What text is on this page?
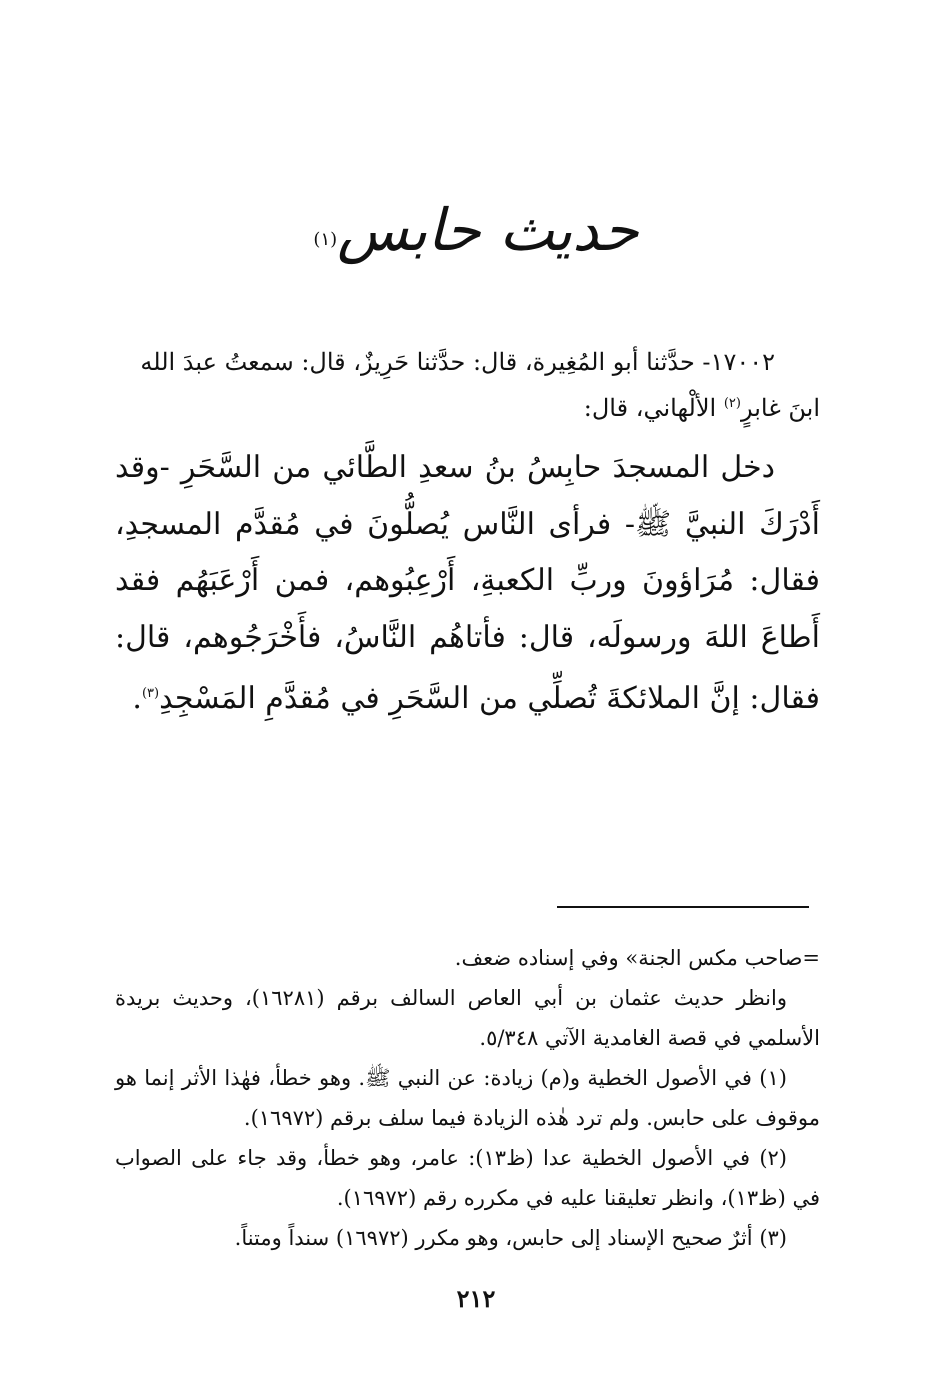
حديث حابس$^{(١)}$

١٧٠٠٢- حدَّثنا أبو المُغِيرة، قال: حدَّثنا حَرِيزٌ، قال: سمعتُ عبدَ الله

ابنَ غابرٍ$^{(٢)}$ الألْهاني، قال:

دخل المسجدَ حابِسُ بنُ سعدِ الطَّائي من السَّحَرِ -وقد أَدْرَكَ النبيَّ ﷺ- فرأى النَّاس يُصلُّونَ في مُقدَّم المسجدِ، فقال: مُرَاؤونَ وربِّ الكعبةِ، أَرْعِبُوهم، فمن أَرْعَبَهُم فقد أَطاعَ اللهَ ورسولَه، قال: فأتاهُم النَّاسُ، فأَخْرَجُوهم، قال: فقال: إنَّ الملائكةَ تُصلِّي من السَّحَرِ في مُقدَّمِ المَسْجِدِ$^{(٣)}$.

=صاحب مكس الجنة» وفي إسناده ضعف.

وانظر حديث عثمان بن أبي العاص السالف برقم (١٦٢٨١)، وحديث بريدة الأسلمي في قصة الغامدية الآتي ٥/٣٤٨.

(١) في الأصول الخطية و(م) زيادة: عن النبي ﷺ. وهو خطأ، فهٰذا الأثر إنما هو موقوف على حابس. ولم ترد هٰذه الزيادة فيما سلف برقم (١٦٩٧٢).

(٢) في الأصول الخطية عدا (ظ١٣): عامر، وهو خطأ، وقد جاء على الصواب في (ظ١٣)، وانظر تعليقنا عليه في مكرره رقم (١٦٩٧٢).

(٣) أثرٌ صحيح الإسناد إلى حابس، وهو مكرر (١٦٩٧٢) سنداً ومتناً.

٢١٢
